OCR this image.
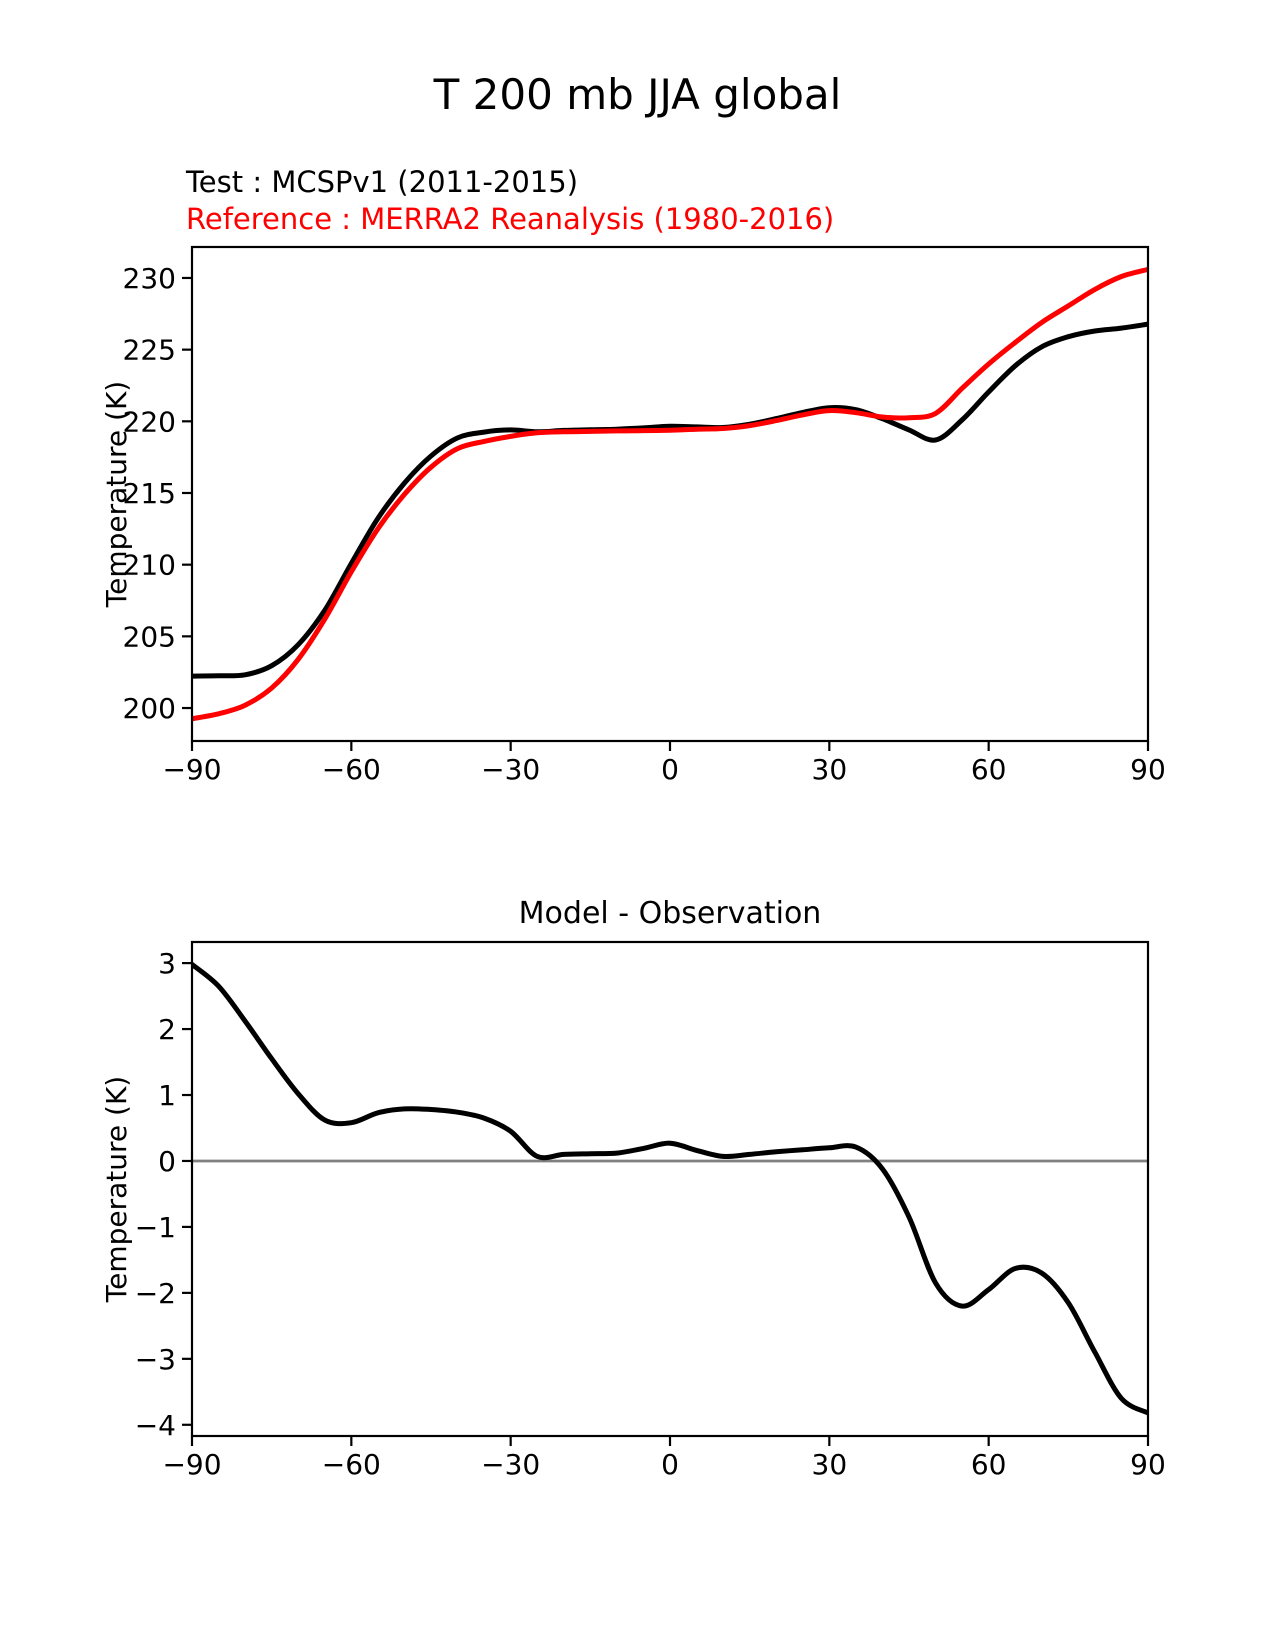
−90	−60	−30	0	30	60	90
200
205
210
215
220
225
230
−90	−60	−30	0	30	60	90
−4
−3
−2
−1
0
1
2
3
T 200 mb JJA global
Test : MCSPv1 (2011-2015)
Reference : MERRA2 Reanalysis (1980-2016)
Temperature (K)
Model - Observation
Temperature (K)
